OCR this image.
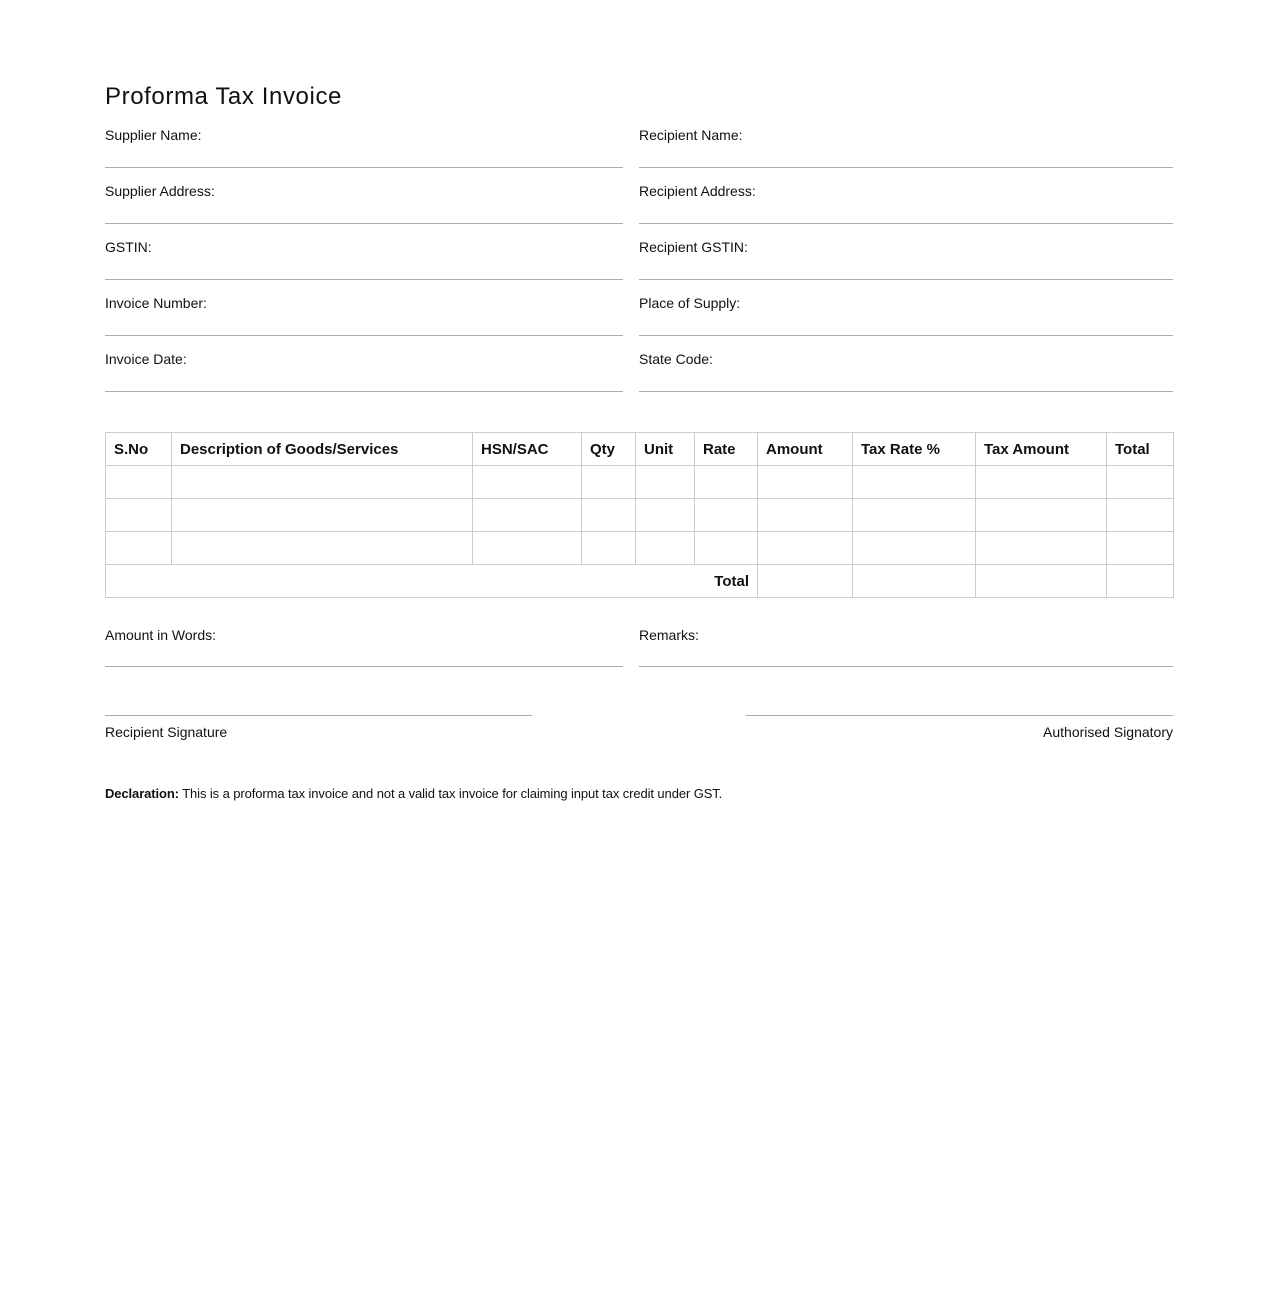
Proforma Tax Invoice
Supplier Name:
Supplier Address:
GSTIN:
Invoice Number:
Invoice Date:
Recipient Name:
Recipient Address:
Recipient GSTIN:
Place of Supply:
State Code:
S.No	Description of Goods/Services	HSN/SAC	Qty	Unit	Rate	Amount	Tax Rate %	Tax Amount	Total

Total									
Amount in Words:	Remarks:
Recipient Signature	Authorised Signatory
Declaration: This is a proforma tax invoice and not a valid tax invoice for claiming input tax credit under GST.
